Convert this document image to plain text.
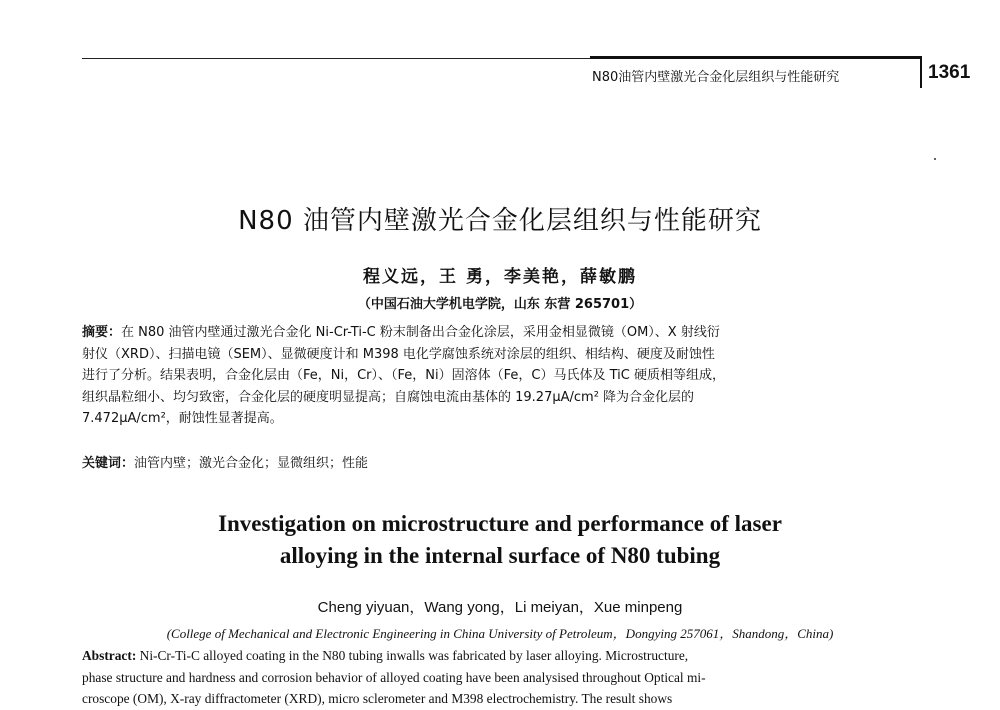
N80油管内壁激光合金化层组织与性能研究	1361
N80 油管内壁激光合金化层组织与性能研究
程义远，王 勇，李美艳，薛敏鹏
（中国石油大学机电学院，山东 东营 265701）
摘要：在 N80 油管内壁通过激光合金化 Ni-Cr-Ti-C 粉末制备出合金化涂层，采用金相显微镜（OM）、X 射线衍
射仪（XRD）、扫描电镜（SEM）、显微硬度计和 M398 电化学腐蚀系统对涂层的组织、相结构、硬度及耐蚀性
进行了分析。结果表明，合金化层由（Fe，Ni，Cr）、（Fe，Ni）固溶体（Fe，C）马氏体及 TiC 硬质相等组成，
组织晶粒细小、均匀致密，合金化层的硬度明显提高；自腐蚀电流由基体的 19.27μA/cm² 降为合金化层的
7.472μA/cm²，耐蚀性显著提高。
关键词：油管内壁；激光合金化；显微组织；性能
Investigation on microstructure and performance of laser
alloying in the internal surface of N80 tubing
Cheng yiyuan，Wang yong，Li meiyan，Xue minpeng
(College of Mechanical and Electronic Engineering in China University of Petroleum，Dongying 257061，Shandong，China)
Abstract: Ni-Cr-Ti-C alloyed coating in the N80 tubing inwalls was fabricated by laser alloying. Microstructure,
phase structure and hardness and corrosion behavior of alloyed coating have been analysised throughout Optical mi-
croscope (OM), X-ray diffractometer (XRD), micro sclerometer and M398 electrochemistry. The result shows
